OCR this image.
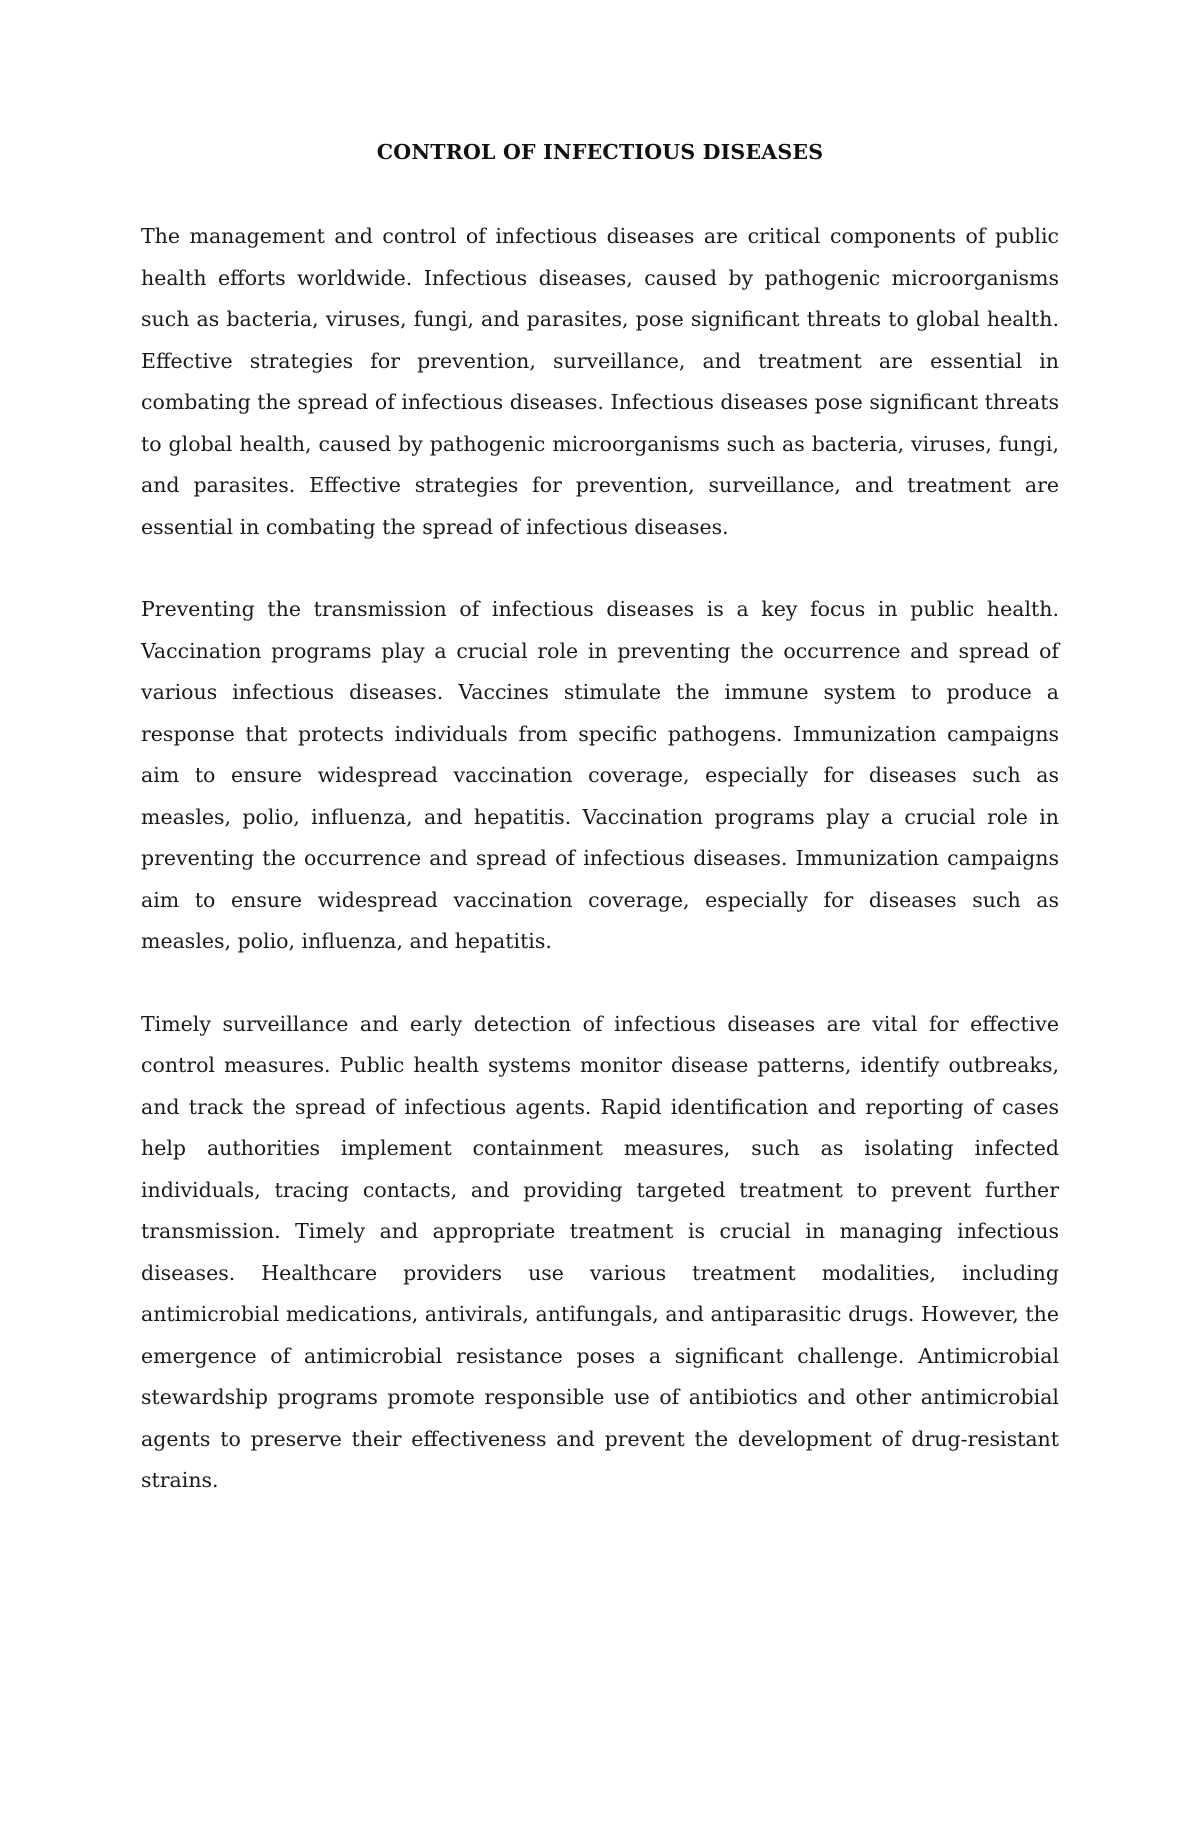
CONTROL OF INFECTIOUS DISEASES

The management and control of infectious diseases are critical components of public health efforts worldwide. Infectious diseases, caused by pathogenic microorganisms such as bacteria, viruses, fungi, and parasites, pose significant threats to global health. Effective strategies for prevention, surveillance, and treatment are essential in combating the spread of infectious diseases. Infectious diseases pose significant threats to global health, caused by pathogenic microorganisms such as bacteria, viruses, fungi, and parasites. Effective strategies for prevention, surveillance, and treatment are essential in combating the spread of infectious diseases.

Preventing the transmission of infectious diseases is a key focus in public health. Vaccination programs play a crucial role in preventing the occurrence and spread of various infectious diseases. Vaccines stimulate the immune system to produce a response that protects individuals from specific pathogens. Immunization campaigns aim to ensure widespread vaccination coverage, especially for diseases such as measles, polio, influenza, and hepatitis. Vaccination programs play a crucial role in preventing the occurrence and spread of infectious diseases. Immunization campaigns aim to ensure widespread vaccination coverage, especially for diseases such as measles, polio, influenza, and hepatitis.

Timely surveillance and early detection of infectious diseases are vital for effective control measures. Public health systems monitor disease patterns, identify outbreaks, and track the spread of infectious agents. Rapid identification and reporting of cases help authorities implement containment measures, such as isolating infected individuals, tracing contacts, and providing targeted treatment to prevent further transmission. Timely and appropriate treatment is crucial in managing infectious diseases. Healthcare providers use various treatment modalities, including antimicrobial medications, antivirals, antifungals, and antiparasitic drugs. However, the emergence of antimicrobial resistance poses a significant challenge. Antimicrobial stewardship programs promote responsible use of antibiotics and other antimicrobial agents to preserve their effectiveness and prevent the development of drug-resistant strains.
